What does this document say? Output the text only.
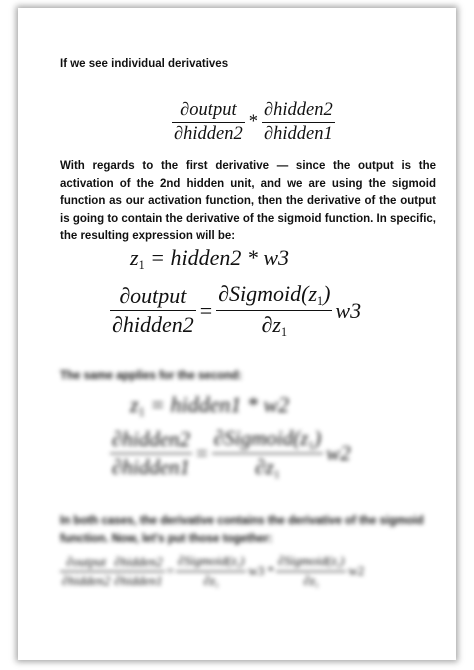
If we see individual derivatives
$\frac{\text{∂output}}{\text{∂hidden2}} * \frac{\text{∂hidden2}}{\text{∂hidden1}}$
With regards to the first derivative — since the output is the activation of the 2nd hidden unit, and we are using the sigmoid function as our activation function, then the derivative of the output is going to contain the derivative of the sigmoid function. In specific, the resulting expression will be:
$z_1$ = hidden2 * w3
$\frac{\text{∂output}}{\text{∂hidden2}} = \frac{\partial Sigmoid(z_1)}{\partial z_1} w3$
The same applies for the second:
$z_1$ = hidden1 * w2
$\frac{\text{∂hidden2}}{\text{∂hidden1}} = \frac{\partial Sigmoid(z_1)}{\partial z_1} w2$
In both cases, the derivative contains the derivative of the sigmoid function. Now, let's put those together:
$\frac{\text{∂output}}{\text{∂hidden2}} \frac{\text{∂hidden2}}{\text{∂hidden1}} = \frac{\partial Sigmoid(z_1)}{\partial z_1} w3 * \frac{\partial Sigmoid(z_1)}{\partial z_1} w2$
